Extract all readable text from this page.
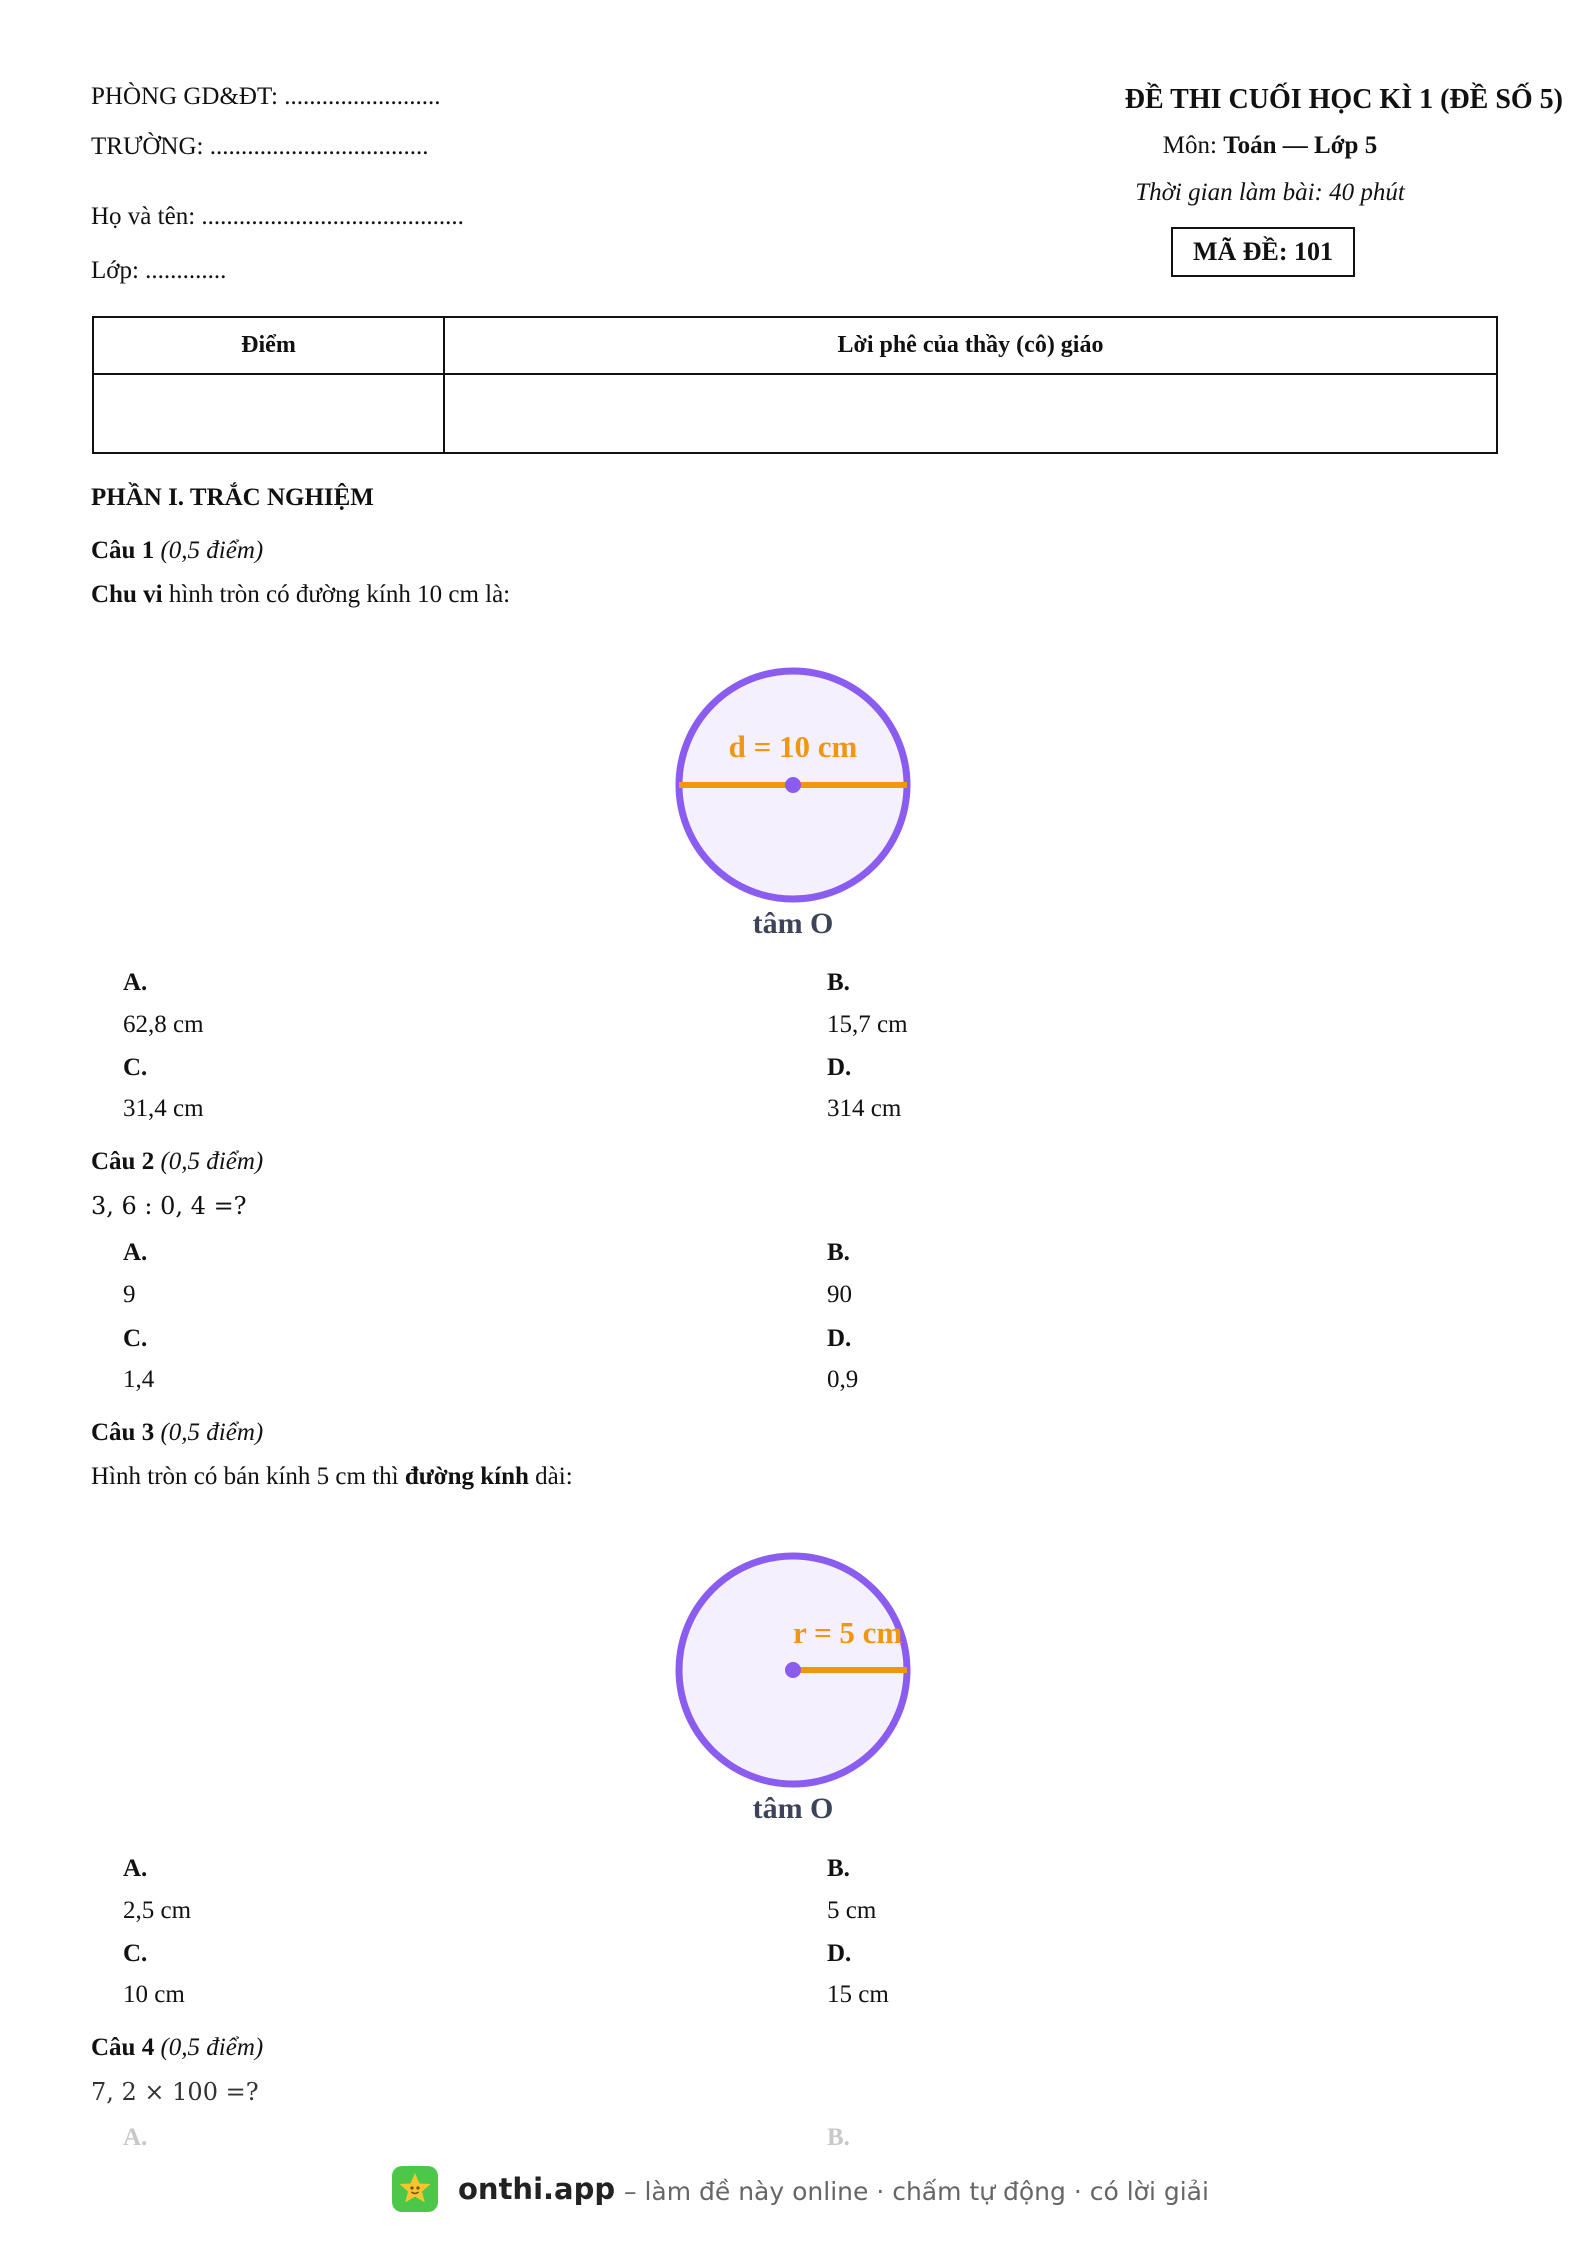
PHÒNG GD&ĐT: .........................
TRƯỜNG: ...................................
Họ và tên: ..........................................
Lớp: .............
ĐỀ THI CUỐI HỌC KÌ 1 (ĐỀ SỐ 5)
Môn: Toán — Lớp 5
Thời gian làm bài: 40 phút
MÃ ĐỀ: 101
Điểm	Lời phê của thầy (cô) giáo
PHẦN I. TRẮC NGHIỆM
Câu 1 (0,5 điểm)
Chu vi hình tròn có đường kính 10 cm là:
d = 10 cm
tâm O
A.
62,8 cm
B.
15,7 cm
C.
31,4 cm
D.
314 cm
Câu 2 (0,5 điểm)
3, 6 : 0, 4 =?
A.
9
B.
90
C.
1,4
D.
0,9
Câu 3 (0,5 điểm)
Hình tròn có bán kính 5 cm thì đường kính dài:
r = 5 cm
tâm O
A.
2,5 cm
B.
5 cm
C.
10 cm
D.
15 cm
Câu 4 (0,5 điểm)
7, 2 × 100 =?
A.	B.
onthi.app – làm đề này online · chấm tự động · có lời giải
